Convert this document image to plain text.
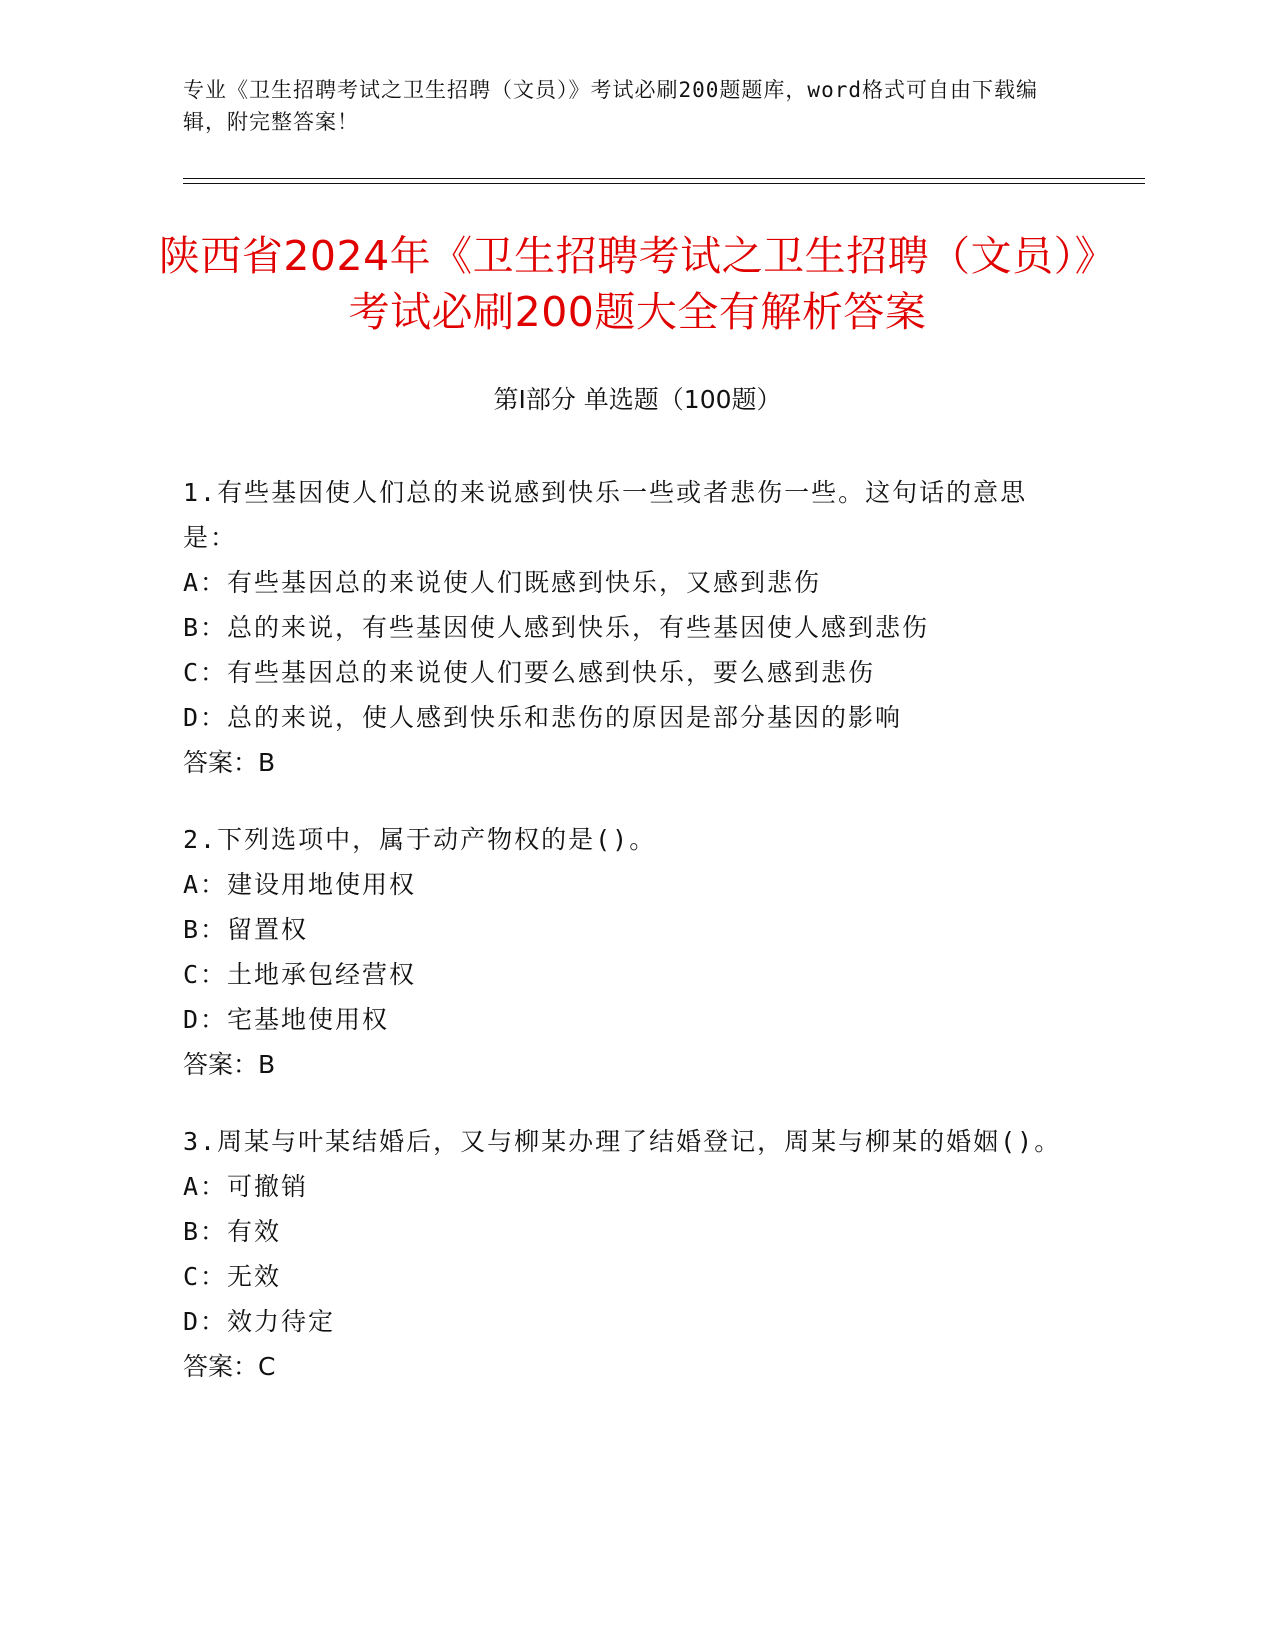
专业《卫生招聘考试之卫生招聘（文员）》考试必刷200题题库，word格式可自由下载编辑，附完整答案！
陕西省2024年《卫生招聘考试之卫生招聘（文员）》考试必刷200题大全有解析答案
第Ⅰ部分 单选题（100题）
1.有些基因使人们总的来说感到快乐一些或者悲伤一些。这句话的意思是：
A：有些基因总的来说使人们既感到快乐，又感到悲伤
B：总的来说，有些基因使人感到快乐，有些基因使人感到悲伤
C：有些基因总的来说使人们要么感到快乐，要么感到悲伤
D：总的来说，使人感到快乐和悲伤的原因是部分基因的影响
答案：B
2.下列选项中，属于动产物权的是()。
A：建设用地使用权
B：留置权
C：土地承包经营权
D：宅基地使用权
答案：B
3.周某与叶某结婚后，又与柳某办理了结婚登记，周某与柳某的婚姻()。
A：可撤销
B：有效
C：无效
D：效力待定
答案：C
